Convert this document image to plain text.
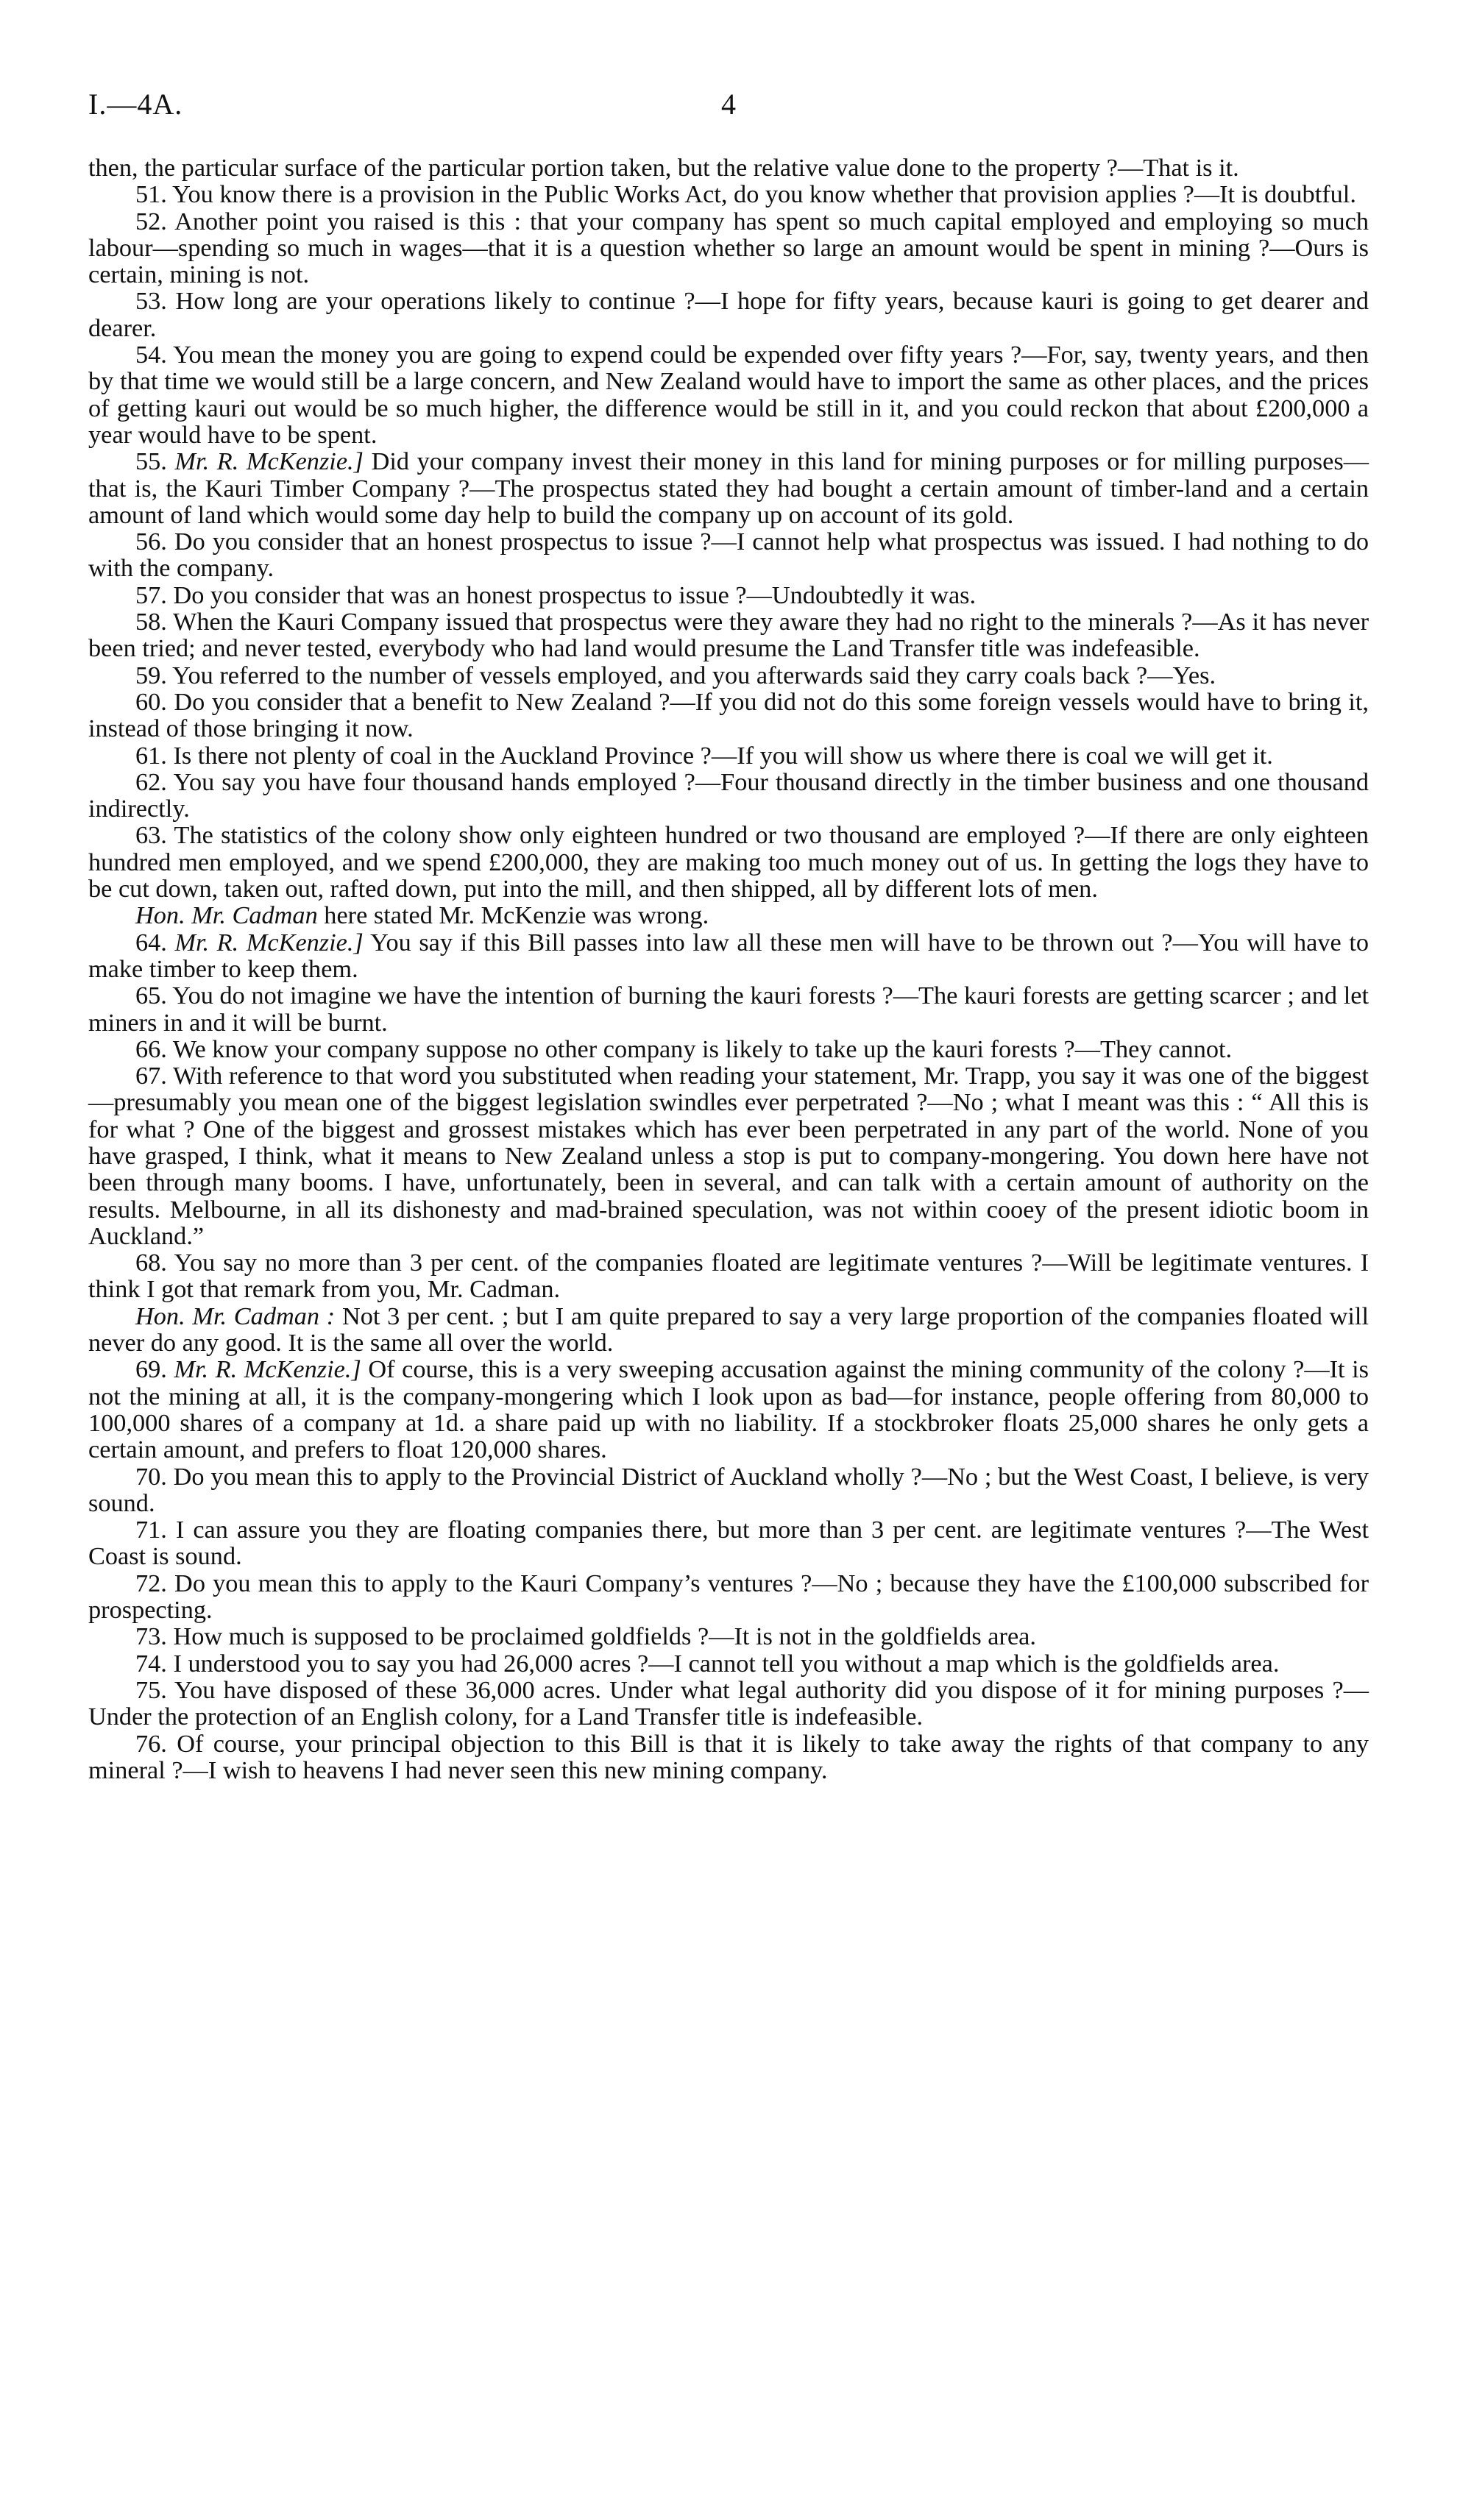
I.—4A.	4

then, the particular surface of the particular portion taken, but the relative value done to the property ?—That is it.

51. You know there is a provision in the Public Works Act, do you know whether that provision applies ?—It is doubtful.

52. Another point you raised is this : that your company has spent so much capital employed and employing so much labour—spending so much in wages—that it is a question whether so large an amount would be spent in mining ?—Ours is certain, mining is not.

53. How long are your operations likely to continue ?—I hope for fifty years, because kauri is going to get dearer and dearer.

54. You mean the money you are going to expend could be expended over fifty years ?—For, say, twenty years, and then by that time we would still be a large concern, and New Zealand would have to import the same as other places, and the prices of getting kauri out would be so much higher, the difference would be still in it, and you could reckon that about £200,000 a year would have to be spent.

55. Mr. R. McKenzie.] Did your company invest their money in this land for mining purposes or for milling purposes—that is, the Kauri Timber Company ?—The prospectus stated they had bought a certain amount of timber-land and a certain amount of land which would some day help to build the company up on account of its gold.

56. Do you consider that an honest prospectus to issue ?—I cannot help what prospectus was issued. I had nothing to do with the company.

57. Do you consider that was an honest prospectus to issue ?—Undoubtedly it was.

58. When the Kauri Company issued that prospectus were they aware they had no right to the minerals ?—As it has never been tried; and never tested, everybody who had land would presume the Land Transfer title was indefeasible.

59. You referred to the number of vessels employed, and you afterwards said they carry coals back ?—Yes.

60. Do you consider that a benefit to New Zealand ?—If you did not do this some foreign vessels would have to bring it, instead of those bringing it now.

61. Is there not plenty of coal in the Auckland Province ?—If you will show us where there is coal we will get it.

62. You say you have four thousand hands employed ?—Four thousand directly in the timber business and one thousand indirectly.

63. The statistics of the colony show only eighteen hundred or two thousand are employed ?—If there are only eighteen hundred men employed, and we spend £200,000, they are making too much money out of us. In getting the logs they have to be cut down, taken out, rafted down, put into the mill, and then shipped, all by different lots of men.

Hon. Mr. Cadman here stated Mr. McKenzie was wrong.

64. Mr. R. McKenzie.] You say if this Bill passes into law all these men will have to be thrown out ?—You will have to make timber to keep them.

65. You do not imagine we have the intention of burning the kauri forests ?—The kauri forests are getting scarcer ; and let miners in and it will be burnt.

66. We know your company suppose no other company is likely to take up the kauri forests ?—They cannot.

67. With reference to that word you substituted when reading your statement, Mr. Trapp, you say it was one of the biggest—presumably you mean one of the biggest legislation swindles ever perpetrated ?—No ; what I meant was this : “ All this is for what ? One of the biggest and grossest mistakes which has ever been perpetrated in any part of the world. None of you have grasped, I think, what it means to New Zealand unless a stop is put to company-mongering. You down here have not been through many booms. I have, unfortunately, been in several, and can talk with a certain amount of authority on the results. Melbourne, in all its dishonesty and mad-brained speculation, was not within cooey of the present idiotic boom in Auckland.”

68. You say no more than 3 per cent. of the companies floated are legitimate ventures ?—Will be legitimate ventures. I think I got that remark from you, Mr. Cadman.

Hon. Mr. Cadman : Not 3 per cent. ; but I am quite prepared to say a very large proportion of the companies floated will never do any good. It is the same all over the world.

69. Mr. R. McKenzie.] Of course, this is a very sweeping accusation against the mining community of the colony ?—It is not the mining at all, it is the company-mongering which I look upon as bad—for instance, people offering from 80,000 to 100,000 shares of a company at 1d. a share paid up with no liability. If a stockbroker floats 25,000 shares he only gets a certain amount, and prefers to float 120,000 shares.

70. Do you mean this to apply to the Provincial District of Auckland wholly ?—No ; but the West Coast, I believe, is very sound.

71. I can assure you they are floating companies there, but more than 3 per cent. are legitimate ventures ?—The West Coast is sound.

72. Do you mean this to apply to the Kauri Company’s ventures ?—No ; because they have the £100,000 subscribed for prospecting.

73. How much is supposed to be proclaimed goldfields ?—It is not in the goldfields area.

74. I understood you to say you had 26,000 acres ?—I cannot tell you without a map which is the goldfields area.

75. You have disposed of these 36,000 acres. Under what legal authority did you dispose of it for mining purposes ?—Under the protection of an English colony, for a Land Transfer title is indefeasible.

76. Of course, your principal objection to this Bill is that it is likely to take away the rights of that company to any mineral ?—I wish to heavens I had never seen this new mining company.
